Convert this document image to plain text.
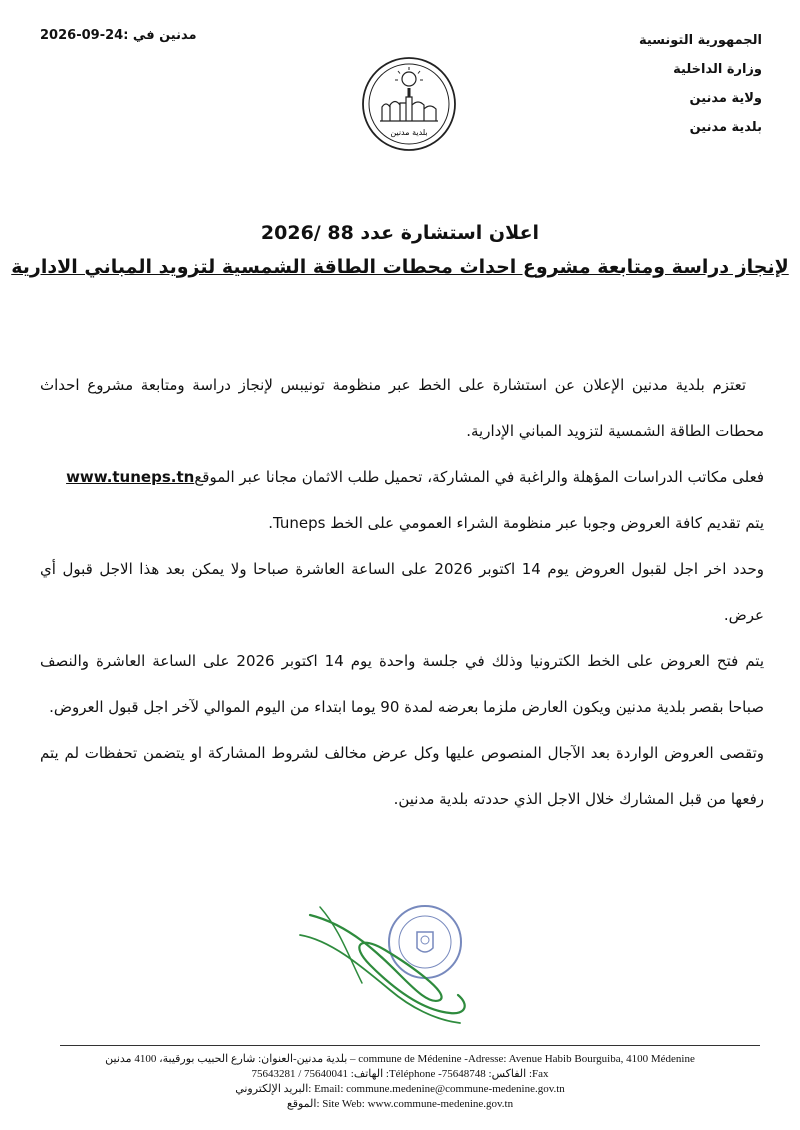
مدنين في :24-09-2026	الجمهورية التونسية
وزارة الداخلية
ولاية مدنين
بلدية مدنين
بلدية مدنين

اعلان استشارة عدد 88 /2026

لإنجاز دراسة ومتابعة مشروع احداث محطات الطاقة الشمسية لتزويد المباني الادارية

تعتزم بلدية مدنين الإعلان عن استشارة على الخط عبر منظومة تونيبس لإنجاز دراسة ومتابعة مشروع احداث محطات الطاقة الشمسية لتزويد المباني الإدارية.

فعلى مكاتب الدراسات المؤهلة والراغبة في المشاركة، تحميل طلب الاثمان مجانا عبر الموقعwww.tuneps.tn

يتم تقديم كافة العروض وجوبا عبر منظومة الشراء العمومي على الخط Tuneps.

وحدد اخر اجل لقبول العروض يوم 14 اكتوبر 2026 على الساعة العاشرة صباحا ولا يمكن بعد هذا الاجل قبول أي عرض.

يتم فتح العروض على الخط الكترونيا وذلك في جلسة واحدة يوم 14 اكتوبر 2026 على الساعة العاشرة والنصف صباحا بقصر بلدية مدنين ويكون العارض ملزما بعرضه لمدة 90 يوما ابتداء من اليوم الموالي لآخر اجل قبول العروض.

وتقصى العروض الواردة بعد الآجال المنصوص عليها وكل عرض مخالف لشروط المشاركة او يتضمن تحفظات لم يتم رفعها من قبل المشارك خلال الاجل الذي حددته بلدية مدنين.

بلدية مدنين-العنوان: شارع الحبيب بورقيبة، 4100 مدنين – commune de Médenine -Adresse: Avenue Habib Bourguiba, 4100 Médenine
الهاتف: 75640041 / 75643281 :Téléphone -الفاكس: 75648748 :Fax
البريد الإلكتروني: Email: commune.medenine@commune-medenine.gov.tn
الموقع: Site Web: www.commune-medenine.gov.tn
